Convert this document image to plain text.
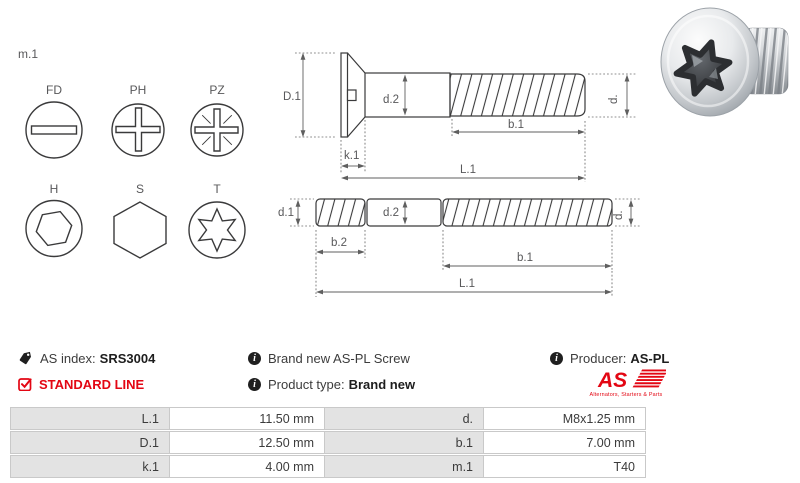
m.1
FD	PH	PZ
H	S	T
D.1	d.2
k.1
b.1
L.1
d.
d.1	d.2
b.2
b.1
L.1
d.
AS index: SRS3004
STANDARD LINE
i Brand new AS-PL Screw
i Product type: Brand new
i Producer: AS-PL
AS
Alternators, Starters & Parts
L.1	11.50 mm	d.	M8x1.25 mm
D.1	12.50 mm	b.1	7.00 mm
k.1	4.00 mm	m.1	T40
